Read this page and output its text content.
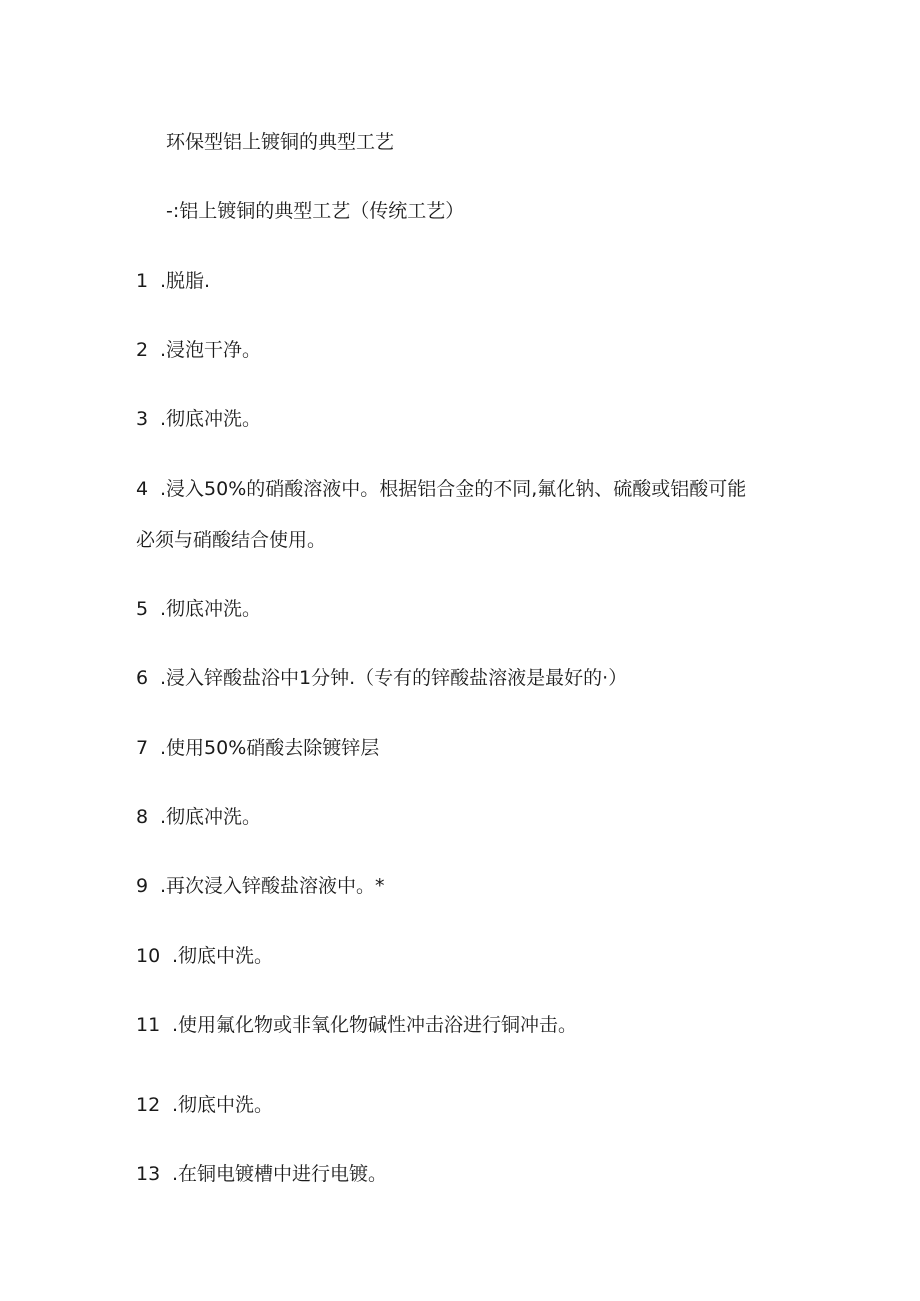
环保型铝上镀铜的典型工艺
-:铝上镀铜的典型工艺（传统工艺）
1 .脱脂.
2 .浸泡干净。
3 .彻底冲洗。
4 .浸入50%的硝酸溶液中。根据铝合金的不同,氟化钠、硫酸或铝酸可能
必须与硝酸结合使用。
5 .彻底冲洗。
6 .浸入锌酸盐浴中1分钟.（专有的锌酸盐溶液是最好的·）
7 .使用50%硝酸去除镀锌层
8 .彻底冲洗。
9 .再次浸入锌酸盐溶液中。*
10 .彻底中洗。
11 .使用氟化物或非氧化物碱性冲击浴进行铜冲击。
12 .彻底中洗。
13 .在铜电镀槽中进行电镀。
